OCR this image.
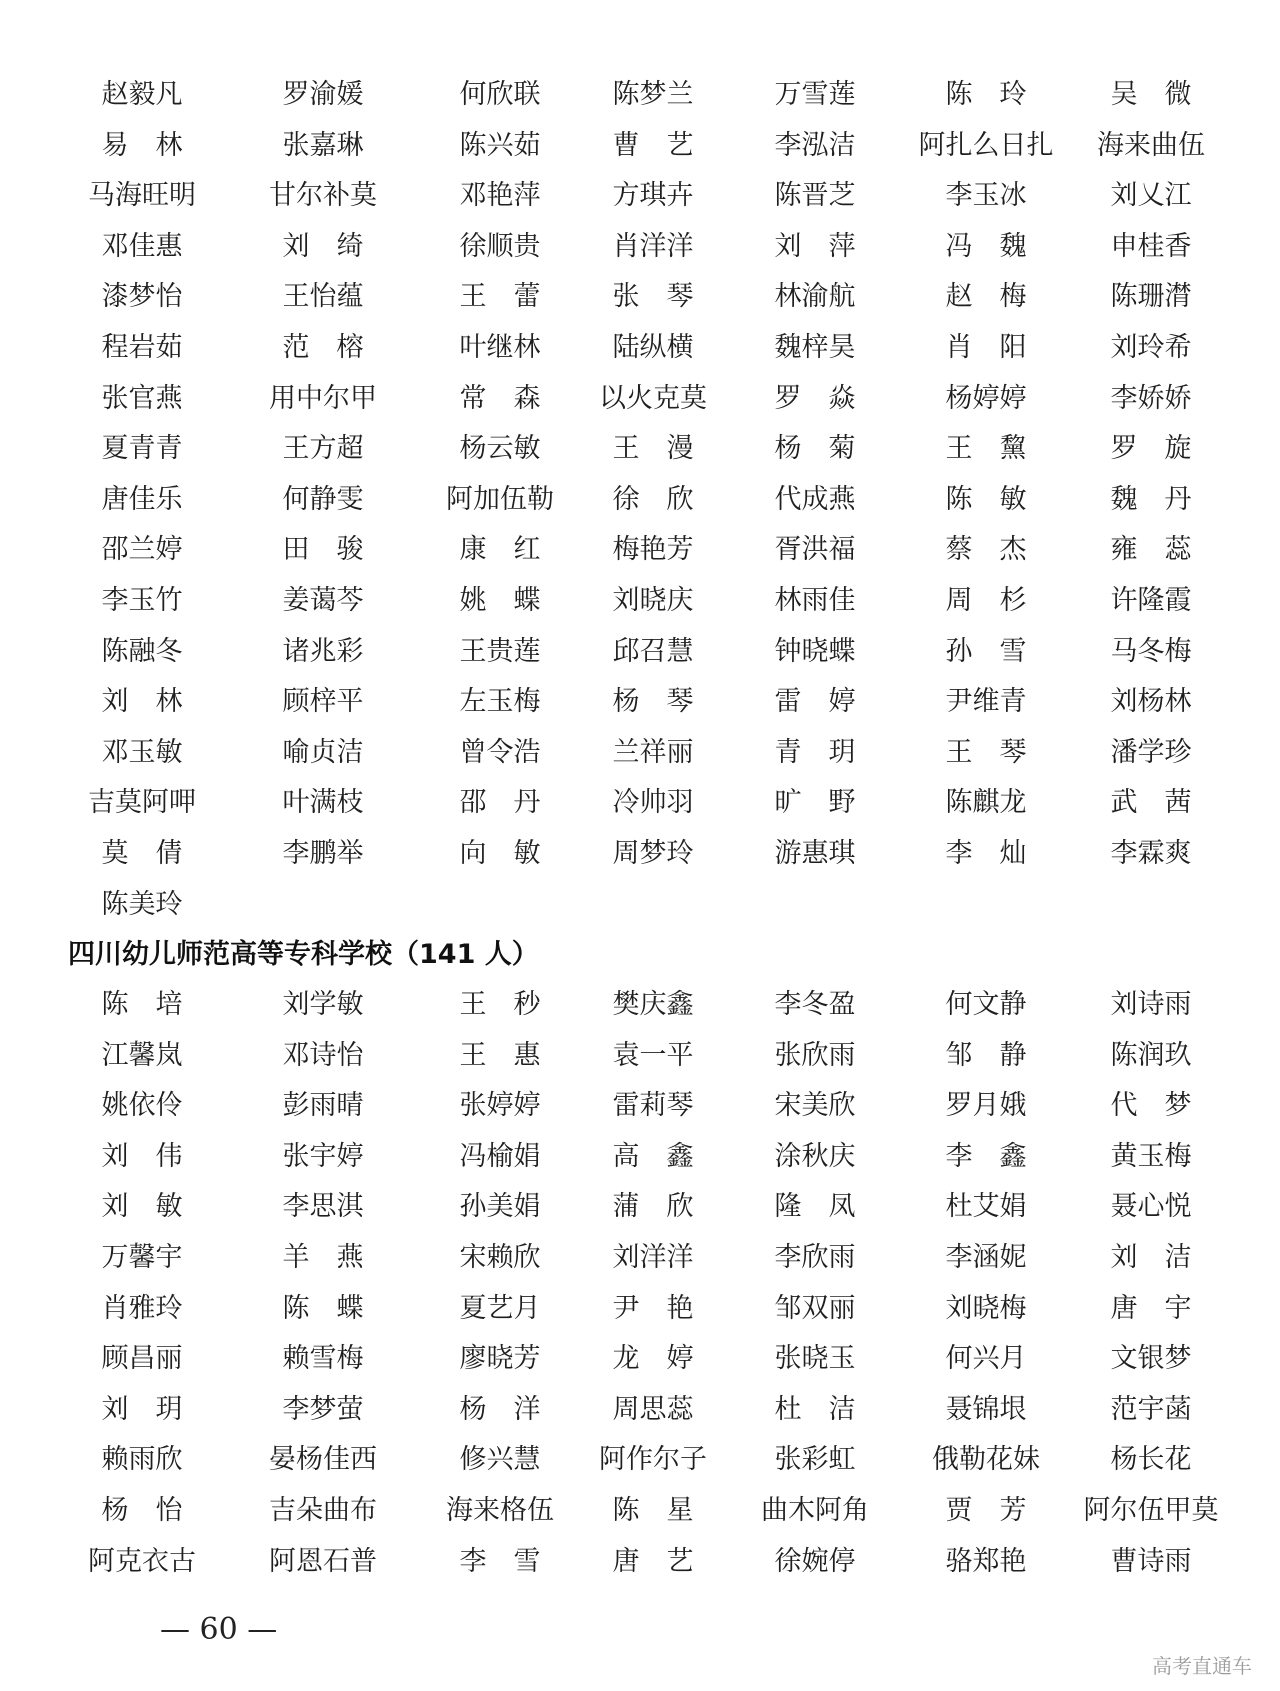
赵毅凡	罗渝媛	何欣联	陈梦兰	万雪莲	陈　玲	吴　微
易　林	张嘉琳	陈兴茹	曹　艺	李泓洁	阿扎么日扎	海来曲伍
马海旺明	甘尔补莫	邓艳萍	方琪卉	陈晋芝	李玉冰	刘乂江
邓佳惠	刘　绮	徐顺贵	肖洋洋	刘　萍	冯　魏	申桂香
漆梦怡	王怡蕴	王　蕾	张　琴	林渝航	赵　梅	陈珊潸
程岩茹	范　榕	叶继林	陆纵横	魏梓昊	肖　阳	刘玲希
张官燕	用中尔甲	常　森	以火克莫	罗　焱	杨婷婷	李娇娇
夏青青	王方超	杨云敏	王　漫	杨　菊	王　黧	罗　旋
唐佳乐	何静雯	阿加伍勒	徐　欣	代成燕	陈　敏	魏　丹
邵兰婷	田　骏	康　红	梅艳芳	胥洪福	蔡　杰	雍　蕊
李玉竹	姜蔼芩	姚　蝶	刘晓庆	林雨佳	周　杉	许隆霞
陈融冬	诸兆彩	王贵莲	邱召慧	钟晓蝶	孙　雪	马冬梅
刘　林	顾梓平	左玉梅	杨　琴	雷　婷	尹维青	刘杨林
邓玉敏	喻贞洁	曾令浩	兰祥丽	青　玥	王　琴	潘学珍
吉莫阿呷	叶满枝	邵　丹	冷帅羽	旷　野	陈麒龙	武　茜
莫　倩	李鹏举	向　敏	周梦玲	游惠琪	李　灿	李霖爽
陈美玲
四川幼儿师范高等专科学校（141 人）
陈　培	刘学敏	王　秒	樊庆鑫	李冬盈	何文静	刘诗雨
江馨岚	邓诗怡	王　惠	袁一平	张欣雨	邹　静	陈润玖
姚依伶	彭雨晴	张婷婷	雷莉琴	宋美欣	罗月娥	代　梦
刘　伟	张宇婷	冯榆娟	高　鑫	涂秋庆	李　鑫	黄玉梅
刘　敏	李思淇	孙美娟	蒲　欣	隆　凤	杜艾娟	聂心悦
万馨宇	羊　燕	宋赖欣	刘洋洋	李欣雨	李涵妮	刘　洁
肖雅玲	陈　蝶	夏艺月	尹　艳	邹双丽	刘晓梅	唐　宇
顾昌丽	赖雪梅	廖晓芳	龙　婷	张晓玉	何兴月	文银梦
刘　玥	李梦萤	杨　洋	周思蕊	杜　洁	聂锦垠	范宇菡
赖雨欣	晏杨佳西	修兴慧	阿作尔子	张彩虹	俄勒花妹	杨长花
杨　怡	吉朵曲布	海来格伍	陈　星	曲木阿角	贾　芳	阿尔伍甲莫
阿克衣古	阿恩石普	李　雪	唐　艺	徐婉停	骆郑艳	曹诗雨
— 60 —
高考直通车
